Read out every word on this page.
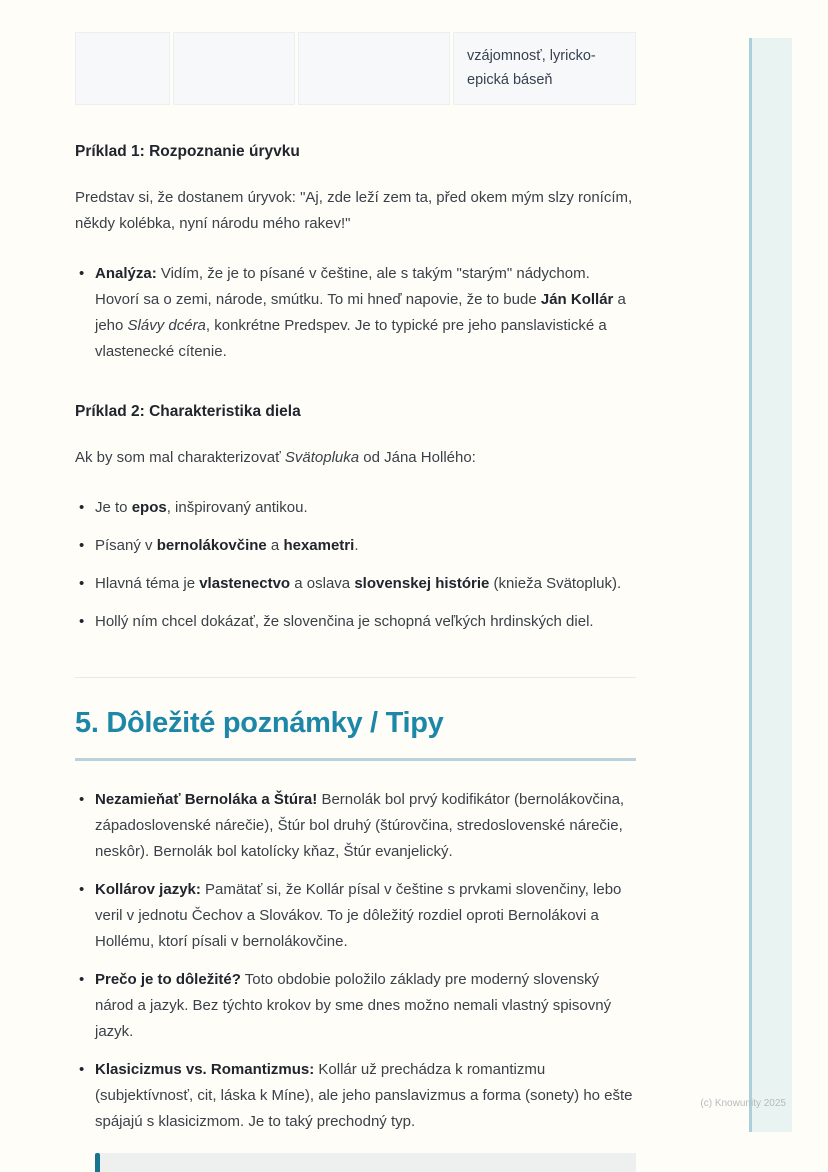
vzájomnosť, lyricko-epická báseň
Príklad 1: Rozpoznanie úryvku

Predstav si, že dostanem úryvok: "Aj, zde leží zem ta, před okem mým slzy ronícím, někdy kolébka, nyní národu mého rakev!"

• Analýza: Vidím, že je to písané v češtine, ale s takým "starým" nádychom. Hovorí sa o zemi, národe, smútku. To mi hneď napovie, že to bude Ján Kollár a jeho Slávy dcéra, konkrétne Predspev. Je to typické pre jeho panslavistické a vlastenecké cítenie.
Príklad 2: Charakteristika diela

Ak by som mal charakterizovať Svätopluka od Jána Hollého:

• Je to epos, inšpirovaný antikou.
• Písaný v bernolákovčine a hexametri.
• Hlavná téma je vlastenectvo a oslava slovenskej histórie (knieža Svätopluk).
• Hollý ním chcel dokázať, že slovenčina je schopná veľkých hrdinských diel.
5. Dôležité poznámky / Tipy
• Nezamieňať Bernoláka a Štúra! Bernolák bol prvý kodifikátor (bernolákovčina, západoslovenské nárečie), Štúr bol druhý (štúrovčina, stredoslovenské nárečie, neskôr). Bernolák bol katolícky kňaz, Štúr evanjelický.
• Kollárov jazyk: Pamätať si, že Kollár písal v češtine s prvkami slovenčiny, lebo veril v jednotu Čechov a Slovákov. To je dôležitý rozdiel oproti Bernolákovi a Hollému, ktorí písali v bernolákovčine.
• Prečo je to dôležité? Toto obdobie položilo základy pre moderný slovenský národ a jazyk. Bez týchto krokov by sme dnes možno nemali vlastný spisovný jazyk.
• Klasicizmus vs. Romantizmus: Kollár už prechádza k romantizmu (subjektívnosť, cit, láska k Míne), ale jeho panslavizmus a forma (sonety) ho ešte spájajú s klasicizmom. Je to taký prechodný typ.
(c) Knowunity 2025
